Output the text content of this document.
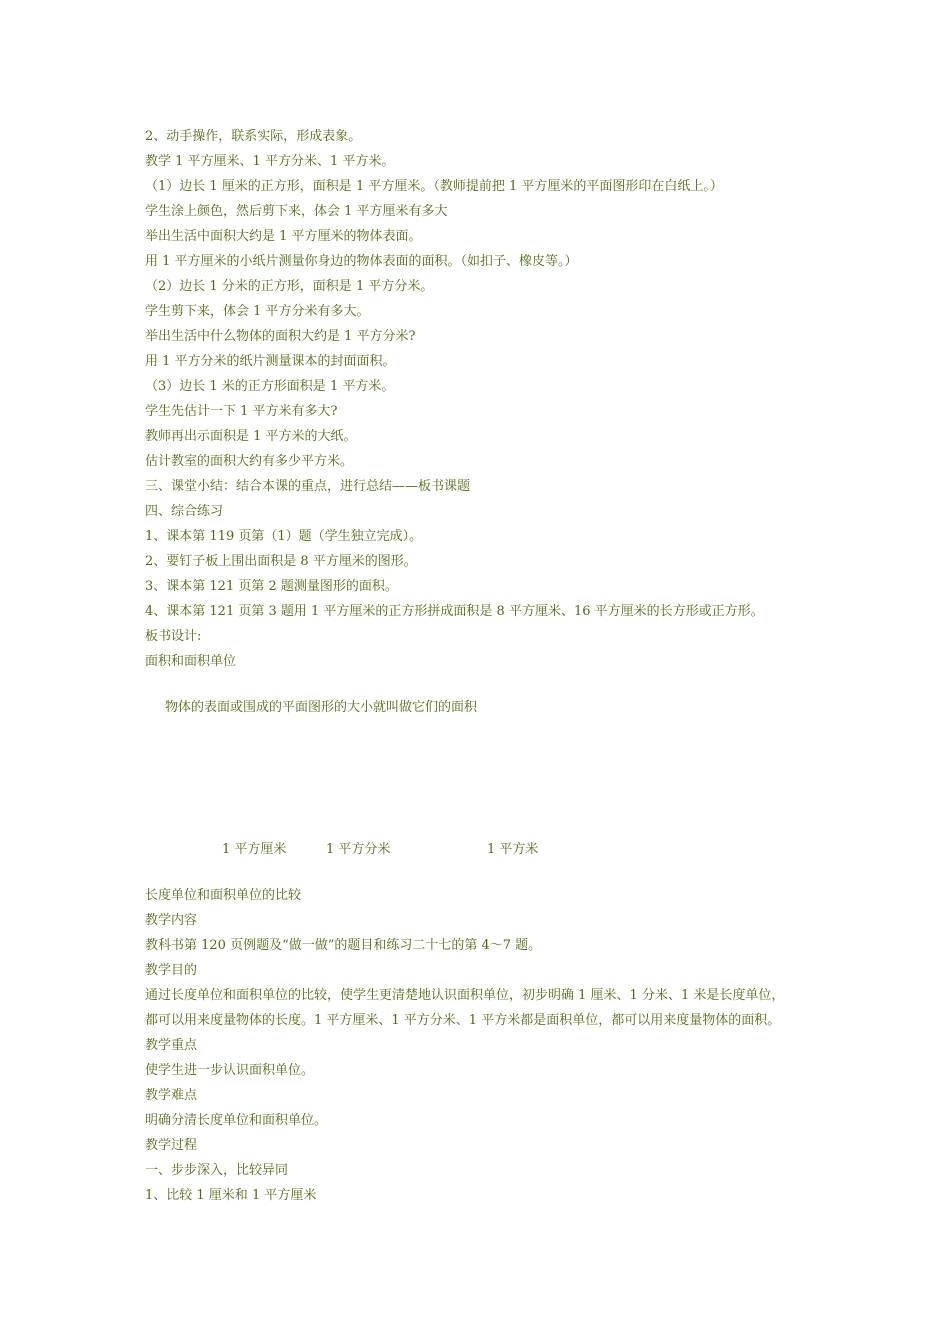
2、动手操作，联系实际，形成表象。
教学 1 平方厘米、1 平方分米、1 平方米。
（1）边长 1 厘米的正方形，面积是 1 平方厘米。（教师提前把 1 平方厘米的平面图形印在白纸上。）
学生涂上颜色，然后剪下来，体会 1 平方厘米有多大
举出生活中面积大约是 1 平方厘米的物体表面。
用 1 平方厘米的小纸片测量你身边的物体表面的面积。（如扣子、橡皮等。）
（2）边长 1 分米的正方形，面积是 1 平方分米。
学生剪下来，体会 1 平方分米有多大。
举出生活中什么物体的面积大约是 1 平方分米?
用 1 平方分米的纸片测量课本的封面面积。
（3）边长 1 米的正方形面积是 1 平方米。
学生先估计一下 1 平方米有多大?
教师再出示面积是 1 平方米的大纸。
估计教室的面积大约有多少平方米。
三、课堂小结：结合本课的重点，进行总结——板书课题
四、综合练习
1、课本第 119 页第（1）题（学生独立完成）。
2、要钉子板上围出面积是 8 平方厘米的图形。
3、课本第 121 页第 2 题测量图形的面积。
4、课本第 121 页第 3 题用 1 平方厘米的正方形拼成面积是 8 平方厘米、16 平方厘米的长方形或正方形。
板书设计:
面积和面积单位
物体的表面或围成的平面图形的大小就叫做它们的面积
1 平方厘米	1 平方分米	1 平方米
长度单位和面积单位的比较
教学内容
教科书第 120 页例题及“做一做”的题目和练习二十七的第 4～7 题。
教学目的
通过长度单位和面积单位的比较，使学生更清楚地认识面积单位，初步明确 1 厘米、1 分米、1 米是长度单位，
都可以用来度量物体的长度。1 平方厘米、1 平方分米、1 平方米都是面积单位，都可以用来度量物体的面积。
教学重点
使学生进一步认识面积单位。
教学难点
明确分清长度单位和面积单位。
教学过程
一、步步深入，比较异同
1、比较 1 厘米和 1 平方厘米
